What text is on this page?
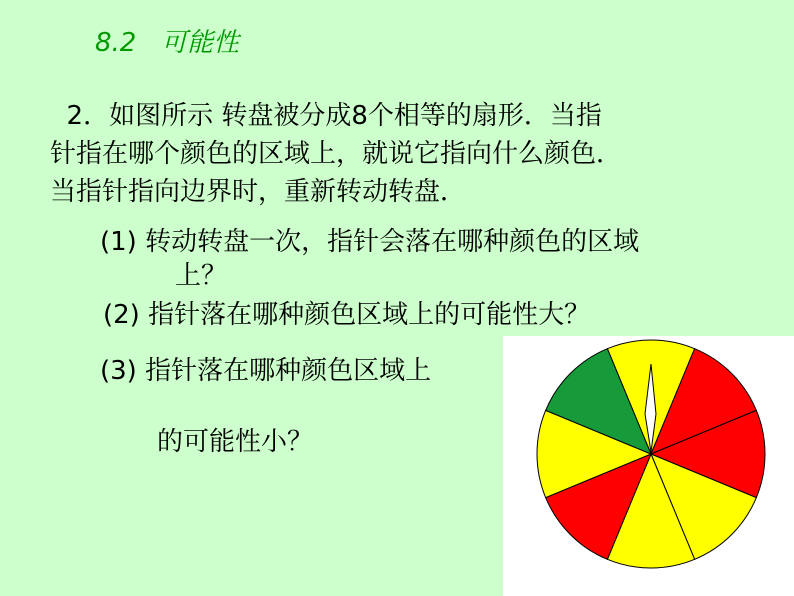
8.2   可能性
2．如图所示 转盘被分成8个相等的扇形．当指
针指在哪个颜色的区域上，就说它指向什么颜色．
当指针指向边界时，重新转动转盘．
(1) 转动转盘一次，指针会落在哪种颜色的区域
上？
(2) 指针落在哪种颜色区域上的可能性大？
(3) 指针落在哪种颜色区域上
的可能性小？
